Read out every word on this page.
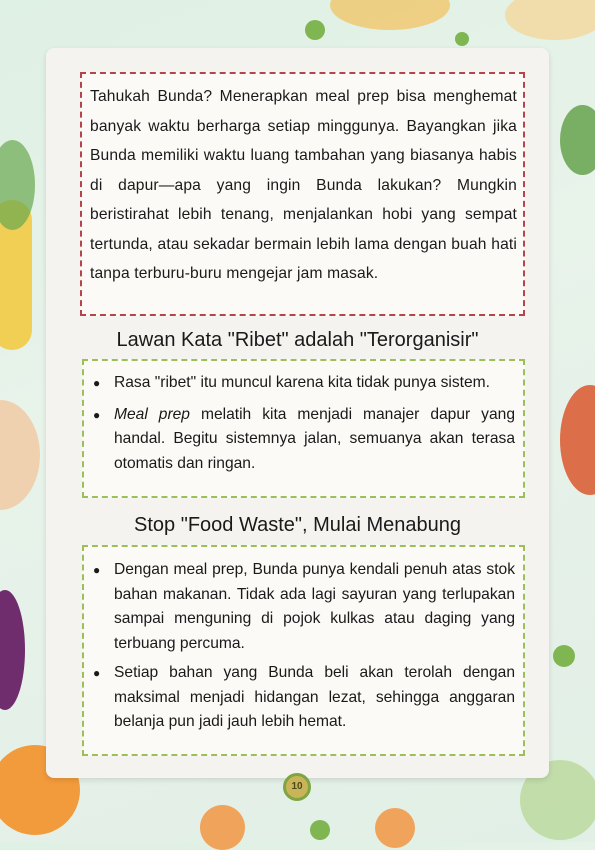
Tahukah Bunda? Menerapkan meal prep bisa menghemat banyak waktu berharga setiap minggunya. Bayangkan jika Bunda memiliki waktu luang tambahan yang biasanya habis di dapur—apa yang ingin Bunda lakukan? Mungkin beristirahat lebih tenang, menjalankan hobi yang sempat tertunda, atau sekadar bermain lebih lama dengan buah hati tanpa terburu-buru mengejar jam masak.

Lawan Kata "Ribet" adalah "Terorganisir"
● Rasa "ribet" itu muncul karena kita tidak punya sistem.
● Meal prep melatih kita menjadi manajer dapur yang handal. Begitu sistemnya jalan, semuanya akan terasa otomatis dan ringan.
Stop "Food Waste", Mulai Menabung
● Dengan meal prep, Bunda punya kendali penuh atas stok bahan makanan. Tidak ada lagi sayuran yang terlupakan sampai menguning di pojok kulkas atau daging yang terbuang percuma.
● Setiap bahan yang Bunda beli akan terolah dengan maksimal menjadi hidangan lezat, sehingga anggaran belanja pun jadi jauh lebih hemat.
10
